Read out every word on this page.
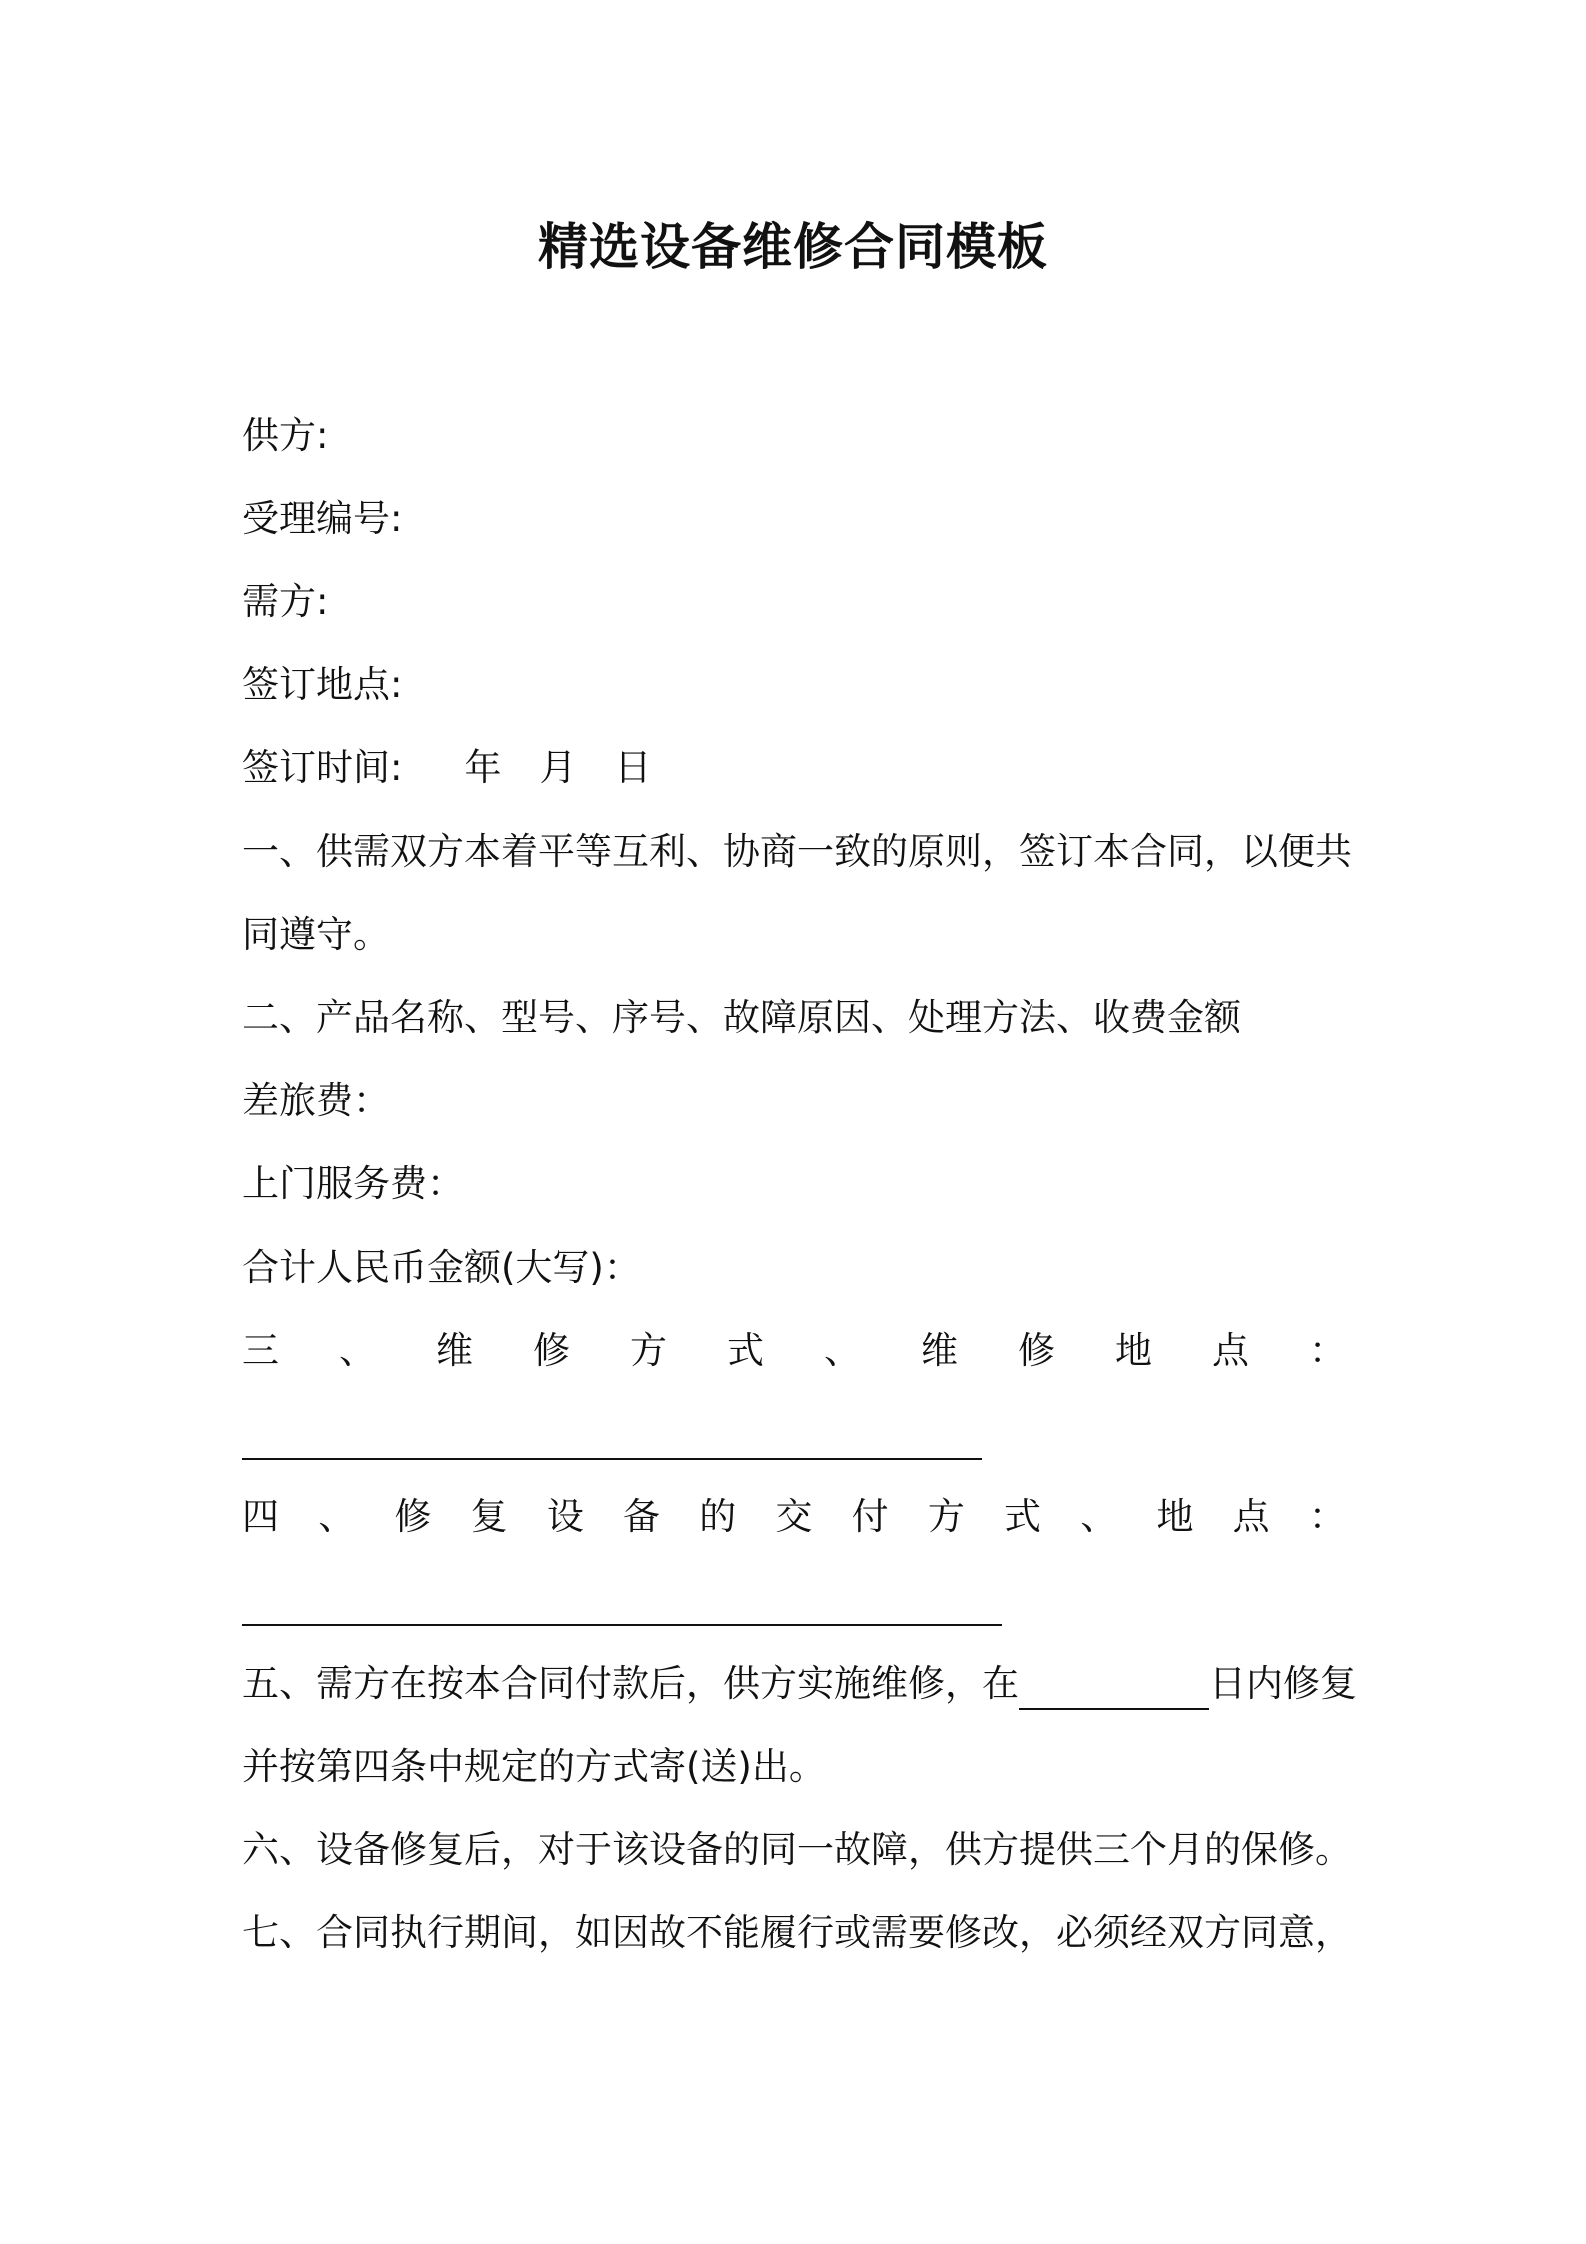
精选设备维修合同模板
供方:
受理编号:
需方:
签订地点:
签订时间: 年 月 日
一、供需双方本着平等互利、协商一致的原则，签订本合同，以便共
同遵守。
二、产品名称、型号、序号、故障原因、处理方法、收费金额
差旅费：
上门服务费：
合计人民币金额(大写)：
三 、 维 修 方 式 、 维 修 地 点 ：
四 、 修 复 设 备 的 交 付 方 式 、 地 点 ：
五、需方在按本合同付款后，供方实施维修，在	日内修复
并按第四条中规定的方式寄(送)出。
六、设备修复后，对于该设备的同一故障，供方提供三个月的保修。
七、合同执行期间，如因故不能履行或需要修改，必须经双方同意，
